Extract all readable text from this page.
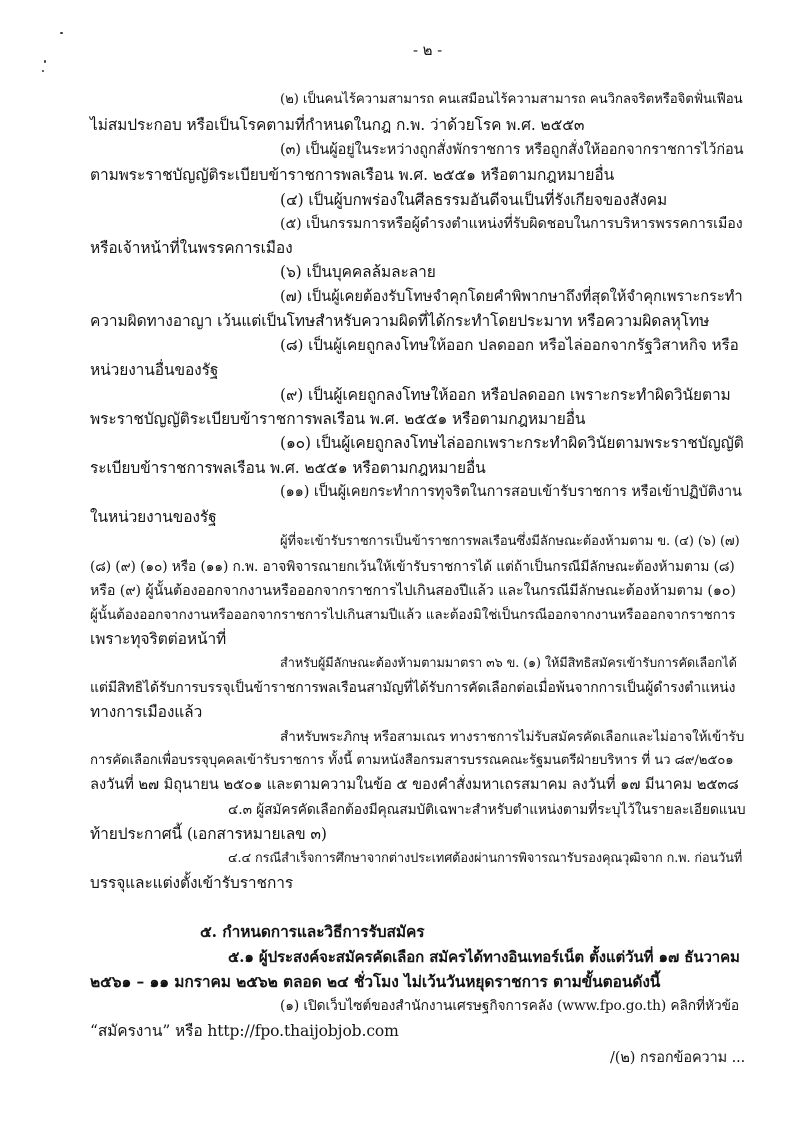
- ๒ -
(๒) เป็นคนไร้ความสามารถ คนเสมือนไร้ความสามารถ คนวิกลจริตหรือจิตฟั่นเฟือน
ไม่สมประกอบ หรือเป็นโรคตามที่กำหนดในกฎ ก.พ. ว่าด้วยโรค พ.ศ. ๒๕๕๓
(๓) เป็นผู้อยู่ในระหว่างถูกสั่งพักราชการ หรือถูกสั่งให้ออกจากราชการไว้ก่อน
ตามพระราชบัญญัติระเบียบข้าราชการพลเรือน พ.ศ. ๒๕๕๑ หรือตามกฎหมายอื่น
(๔) เป็นผู้บกพร่องในศีลธรรมอันดีจนเป็นที่รังเกียจของสังคม
(๕) เป็นกรรมการหรือผู้ดำรงตำแหน่งที่รับผิดชอบในการบริหารพรรคการเมือง
หรือเจ้าหน้าที่ในพรรคการเมือง
(๖) เป็นบุคคลล้มละลาย
(๗) เป็นผู้เคยต้องรับโทษจำคุกโดยคำพิพากษาถึงที่สุดให้จำคุกเพราะกระทำ
ความผิดทางอาญา เว้นแต่เป็นโทษสำหรับความผิดที่ได้กระทำโดยประมาท หรือความผิดลหุโทษ
(๘) เป็นผู้เคยถูกลงโทษให้ออก ปลดออก หรือไล่ออกจากรัฐวิสาหกิจ หรือ
หน่วยงานอื่นของรัฐ
(๙) เป็นผู้เคยถูกลงโทษให้ออก หรือปลดออก เพราะกระทำผิดวินัยตาม
พระราชบัญญัติระเบียบข้าราชการพลเรือน พ.ศ. ๒๕๕๑ หรือตามกฎหมายอื่น
(๑๐) เป็นผู้เคยถูกลงโทษไล่ออกเพราะกระทำผิดวินัยตามพระราชบัญญัติ
ระเบียบข้าราชการพลเรือน พ.ศ. ๒๕๕๑ หรือตามกฎหมายอื่น
(๑๑) เป็นผู้เคยกระทำการทุจริตในการสอบเข้ารับราชการ หรือเข้าปฏิบัติงาน
ในหน่วยงานของรัฐ
ผู้ที่จะเข้ารับราชการเป็นข้าราชการพลเรือนซึ่งมีลักษณะต้องห้ามตาม ข. (๔) (๖) (๗)
(๘) (๙) (๑๐) หรือ (๑๑) ก.พ. อาจพิจารณายกเว้นให้เข้ารับราชการได้ แต่ถ้าเป็นกรณีมีลักษณะต้องห้ามตาม (๘)
หรือ (๙) ผู้นั้นต้องออกจากงานหรือออกจากราชการไปเกินสองปีแล้ว และในกรณีมีลักษณะต้องห้ามตาม (๑๐)
ผู้นั้นต้องออกจากงานหรือออกจากราชการไปเกินสามปีแล้ว และต้องมิใช่เป็นกรณีออกจากงานหรือออกจากราชการ
เพราะทุจริตต่อหน้าที่
สำหรับผู้มีลักษณะต้องห้ามตามมาตรา ๓๖ ข. (๑) ให้มีสิทธิสมัครเข้ารับการคัดเลือกได้
แต่มีสิทธิได้รับการบรรจุเป็นข้าราชการพลเรือนสามัญที่ได้รับการคัดเลือกต่อเมื่อพ้นจากการเป็นผู้ดำรงตำแหน่ง
ทางการเมืองแล้ว
สำหรับพระภิกษุ หรือสามเณร ทางราชการไม่รับสมัครคัดเลือกและไม่อาจให้เข้ารับ
การคัดเลือกเพื่อบรรจุบุคคลเข้ารับราชการ ทั้งนี้ ตามหนังสือกรมสารบรรณคณะรัฐมนตรีฝ่ายบริหาร ที่ นว ๘๙/๒๕๐๑
ลงวันที่ ๒๗ มิถุนายน ๒๕๐๑ และตามความในข้อ ๕ ของคำสั่งมหาเถรสมาคม ลงวันที่ ๑๗ มีนาคม ๒๕๓๘
๔.๓ ผู้สมัครคัดเลือกต้องมีคุณสมบัติเฉพาะสำหรับตำแหน่งตามที่ระบุไว้ในรายละเอียดแนบ
ท้ายประกาศนี้ (เอกสารหมายเลข ๓)
๔.๔ กรณีสำเร็จการศึกษาจากต่างประเทศต้องผ่านการพิจารณารับรองคุณวุฒิจาก ก.พ. ก่อนวันที่
บรรจุและแต่งตั้งเข้ารับราชการ
๕. กำหนดการและวิธีการรับสมัคร
๕.๑ ผู้ประสงค์จะสมัครคัดเลือก สมัครได้ทางอินเทอร์เน็ต ตั้งแต่วันที่ ๑๗ ธันวาคม
๒๕๖๑ – ๑๑ มกราคม ๒๕๖๒ ตลอด ๒๔ ชั่วโมง ไม่เว้นวันหยุดราชการ ตามขั้นตอนดังนี้
(๑) เปิดเว็บไซต์ของสำนักงานเศรษฐกิจการคลัง (www.fpo.go.th) คลิกที่หัวข้อ
“สมัครงาน” หรือ http://fpo.thaijobjob.com
/(๒) กรอกข้อความ ...
